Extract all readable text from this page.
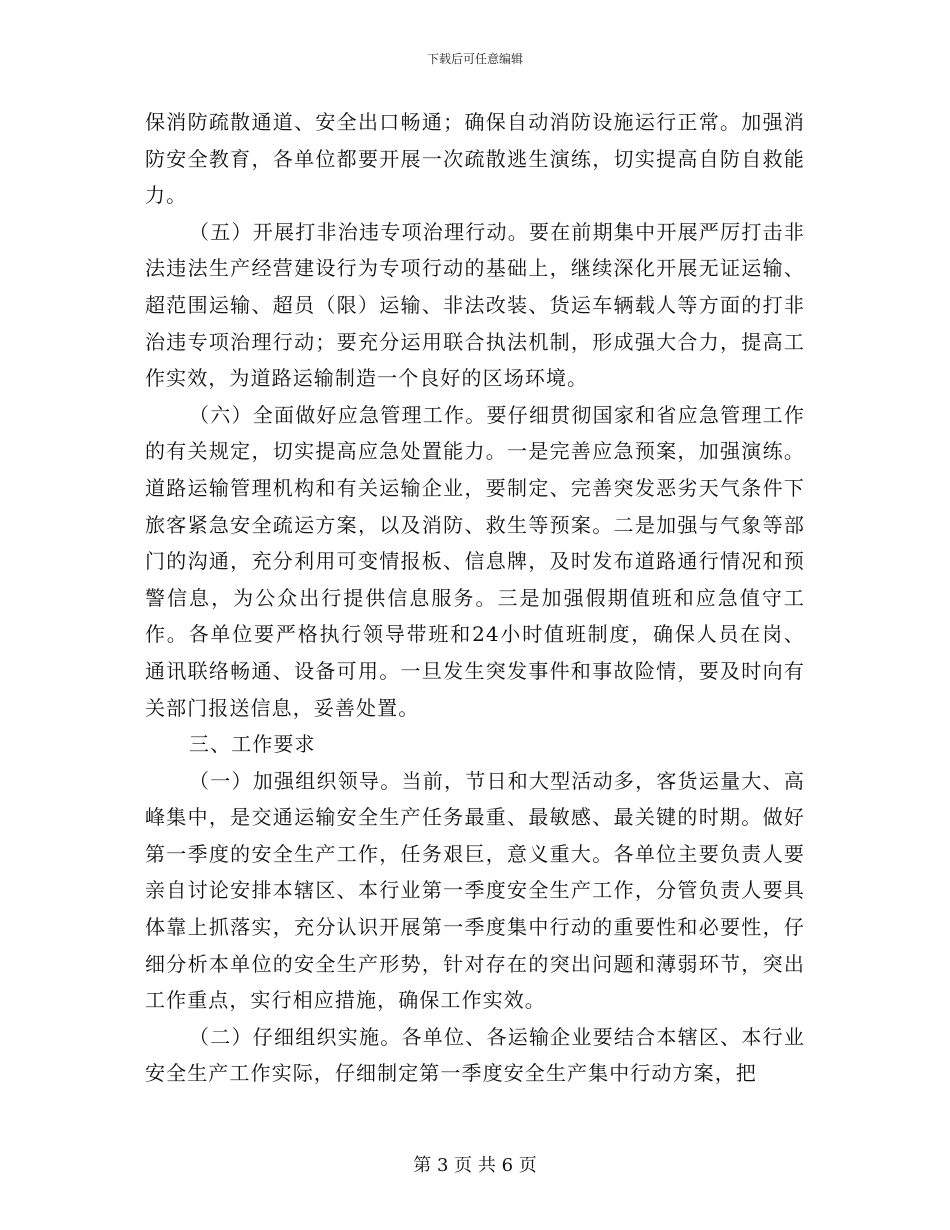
下载后可任意编辑

保消防疏散通道、安全出口畅通；确保自动消防设施运行正常。加强消防安全教育，各单位都要开展一次疏散逃生演练，切实提高自防自救能力。

（五）开展打非治违专项治理行动。要在前期集中开展严厉打击非法违法生产经营建设行为专项行动的基础上，继续深化开展无证运输、超范围运输、超员（限）运输、非法改装、货运车辆载人等方面的打非治违专项治理行动；要充分运用联合执法机制，形成强大合力，提高工作实效，为道路运输制造一个良好的区场环境。

（六）全面做好应急管理工作。要仔细贯彻国家和省应急管理工作的有关规定，切实提高应急处置能力。一是完善应急预案，加强演练。道路运输管理机构和有关运输企业，要制定、完善突发恶劣天气条件下旅客紧急安全疏运方案，以及消防、救生等预案。二是加强与气象等部门的沟通，充分利用可变情报板、信息牌，及时发布道路通行情况和预警信息，为公众出行提供信息服务。三是加强假期值班和应急值守工作。各单位要严格执行领导带班和24小时值班制度，确保人员在岗、通讯联络畅通、设备可用。一旦发生突发事件和事故险情，要及时向有关部门报送信息，妥善处置。

三、工作要求

（一）加强组织领导。当前，节日和大型活动多，客货运量大、高峰集中，是交通运输安全生产任务最重、最敏感、最关键的时期。做好第一季度的安全生产工作，任务艰巨，意义重大。各单位主要负责人要亲自讨论安排本辖区、本行业第一季度安全生产工作，分管负责人要具体靠上抓落实，充分认识开展第一季度集中行动的重要性和必要性，仔细分析本单位的安全生产形势，针对存在的突出问题和薄弱环节，突出工作重点，实行相应措施，确保工作实效。

（二）仔细组织实施。各单位、各运输企业要结合本辖区、本行业安全生产工作实际，仔细制定第一季度安全生产集中行动方案，把

第 3 页 共 6 页
